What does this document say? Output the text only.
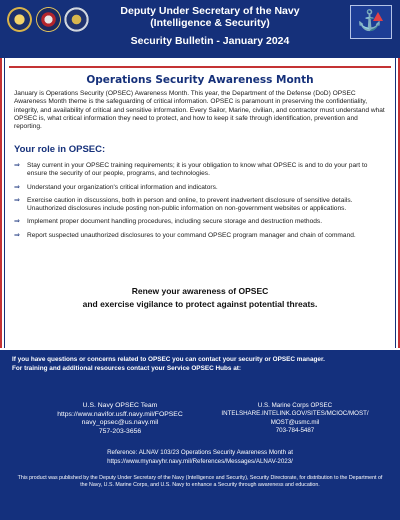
Deputy Under Secretary of the Navy
(Intelligence & Security)
Security Bulletin - January 2024
⚓
Operations Security Awareness Month
January is Operations Security (OPSEC) Awareness Month. This year, the Department of the Defense (DoD) OPSEC Awareness Month theme is the safeguarding of critical information. OPSEC is paramount in preserving the confidentiality, integrity, and availability of critical and sensitive information. Every Sailor, Marine, civilian, and contractor must understand what OPSEC is, what critical information they need to protect, and how to keep it safe through identification, prevention and reporting.
Your role in OPSEC:
⇒ Stay current in your OPSEC training requirements; it is your obligation to know what OPSEC is and to do your part to ensure the security of our people, programs, and technologies.
⇒ Understand your organization's critical information and indicators.
⇒ Exercise caution in discussions, both in person and online, to prevent inadvertent disclosure of sensitive details. Unauthorized disclosures include posting non-public information on non-government websites or applications.
⇒ Implement proper document handling procedures, including secure storage and destruction methods.
⇒ Report suspected unauthorized disclosures to your command OPSEC program manager and chain of command.
Renew your awareness of OPSEC
and exercise vigilance to protect against potential threats.
If you have questions or concerns related to OPSEC you can contact your security or OPSEC manager.
For training and additional resources contact your Service OPSEC Hubs at:
U.S. Navy OPSEC Team
https://www.navifor.usff.navy.mil/FOPSEC
navy_opsec@us.navy.mil
757-203-3656
U.S. Marine Corps OPSEC
INTELSHARE.INTELINK.GOV/SITES/MCIOC/MOST/
MOST@usmc.mil
703-784-5487
Reference: ALNAV 103/23 Operations Security Awareness Month at
https://www.mynavyhr.navy.mil/References/Messages/ALNAV-2023/
This product was published by the Deputy Under Secretary of the Navy (Intelligence and Security), Security Directorate, for distribution to the Department of the Navy, U.S. Marine Corps, and U.S. Navy to enhance a Security through awareness and education.
